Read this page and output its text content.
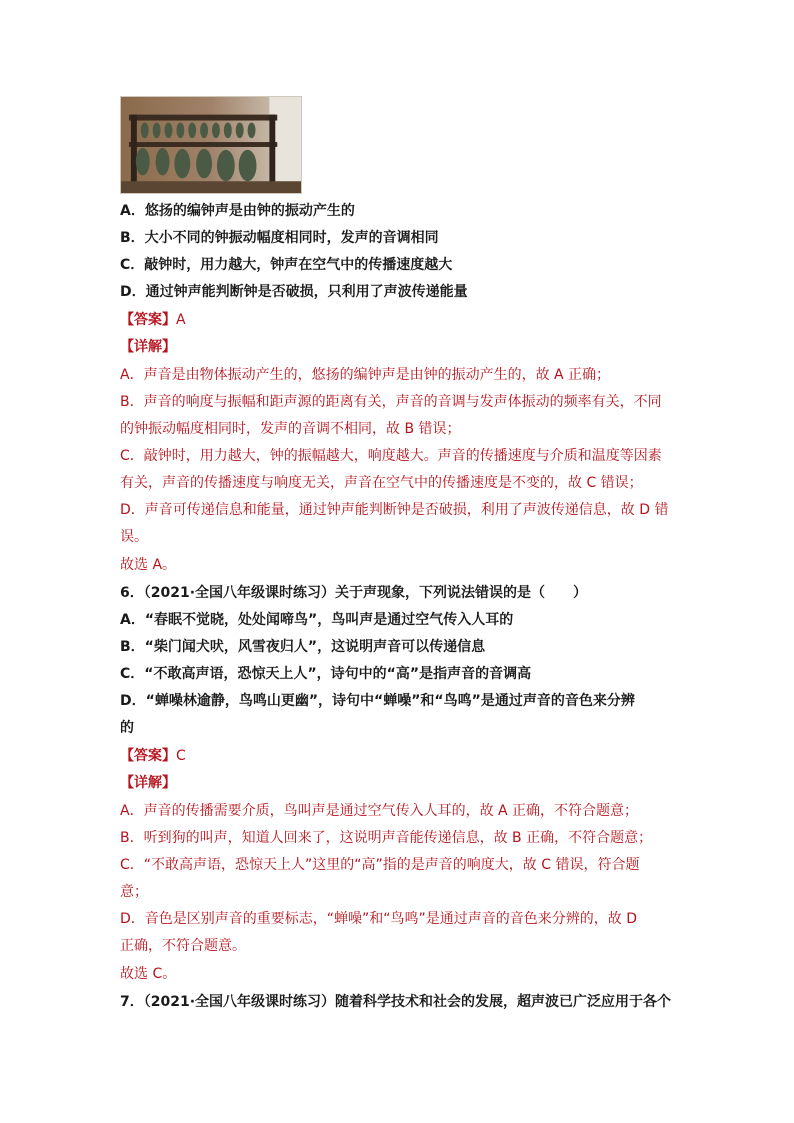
A．悠扬的编钟声是由钟的振动产生的
B．大小不同的钟振动幅度相同时，发声的音调相同
C．敲钟时，用力越大，钟声在空气中的传播速度越大
D．通过钟声能判断钟是否破损，只利用了声波传递能量
【答案】A
【详解】
A．声音是由物体振动产生的，悠扬的编钟声是由钟的振动产生的，故 A 正确；
B．声音的响度与振幅和距声源的距离有关，声音的音调与发声体振动的频率有关，不同
的钟振动幅度相同时，发声的音调不相同，故 B 错误；
C．敲钟时，用力越大，钟的振幅越大，响度越大。声音的传播速度与介质和温度等因素
有关，声音的传播速度与响度无关，声音在空气中的传播速度是不变的，故 C 错误；
D．声音可传递信息和能量，通过钟声能判断钟是否破损，利用了声波传递信息，故 D 错
误。
故选 A。
6．（2021·全国八年级课时练习）关于声现象，下列说法错误的是（　　）
A．“春眠不觉晓，处处闻啼鸟”，鸟叫声是通过空气传入人耳的
B．“柴门闻犬吠，风雪夜归人”，这说明声音可以传递信息
C．“不敢高声语，恐惊天上人”，诗句中的“高”是指声音的音调高
D．“蝉噪林逾静，鸟鸣山更幽”，诗句中“蝉噪”和“鸟鸣”是通过声音的音色来分辨
的
【答案】C
【详解】
A．声音的传播需要介质，鸟叫声是通过空气传入人耳的，故 A 正确，不符合题意；
B．听到狗的叫声，知道人回来了，这说明声音能传递信息，故 B 正确，不符合题意；
C．“不敢高声语，恐惊天上人”这里的“高”指的是声音的响度大，故 C 错误，符合题
意；
D．音色是区别声音的重要标志，“蝉噪”和“鸟鸣”是通过声音的音色来分辨的，故 D
正确，不符合题意。
故选 C。
7．（2021·全国八年级课时练习）随着科学技术和社会的发展，超声波已广泛应用于各个
